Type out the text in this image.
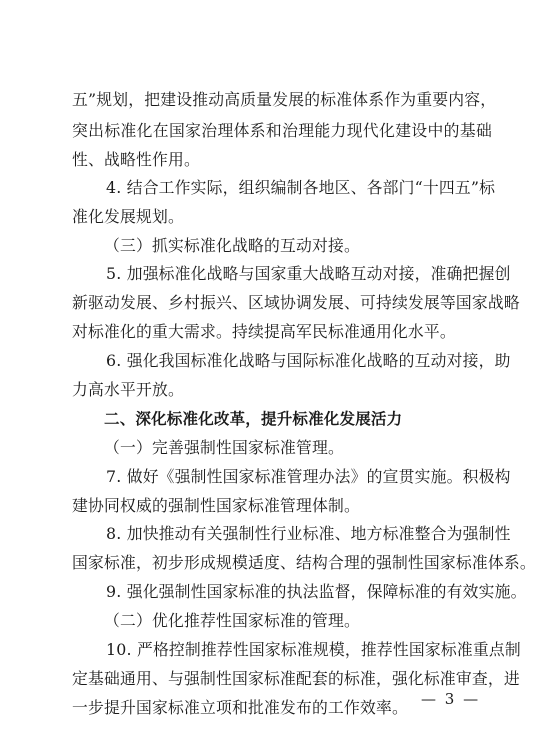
五”规划，把建设推动高质量发展的标准体系作为重要内容，
突出标准化在国家治理体系和治理能力现代化建设中的基础
性、战略性作用。
4. 结合工作实际，组织编制各地区、各部门“十四五”标
准化发展规划。
（三）抓实标准化战略的互动对接。
5. 加强标准化战略与国家重大战略互动对接，准确把握创
新驱动发展、乡村振兴、区域协调发展、可持续发展等国家战略
对标准化的重大需求。持续提高军民标准通用化水平。
6. 强化我国标准化战略与国际标准化战略的互动对接，助
力高水平开放。
二、深化标准化改革，提升标准化发展活力
（一）完善强制性国家标准管理。
7. 做好《强制性国家标准管理办法》的宣贯实施。积极构
建协同权威的强制性国家标准管理体制。
8. 加快推动有关强制性行业标准、地方标准整合为强制性
国家标准，初步形成规模适度、结构合理的强制性国家标准体系。
9. 强化强制性国家标准的执法监督，保障标准的有效实施。
（二）优化推荐性国家标准的管理。
10. 严格控制推荐性国家标准规模，推荐性国家标准重点制
定基础通用、与强制性国家标准配套的标准，强化标准审查，进
一步提升国家标准立项和批准发布的工作效率。 — 3 —
